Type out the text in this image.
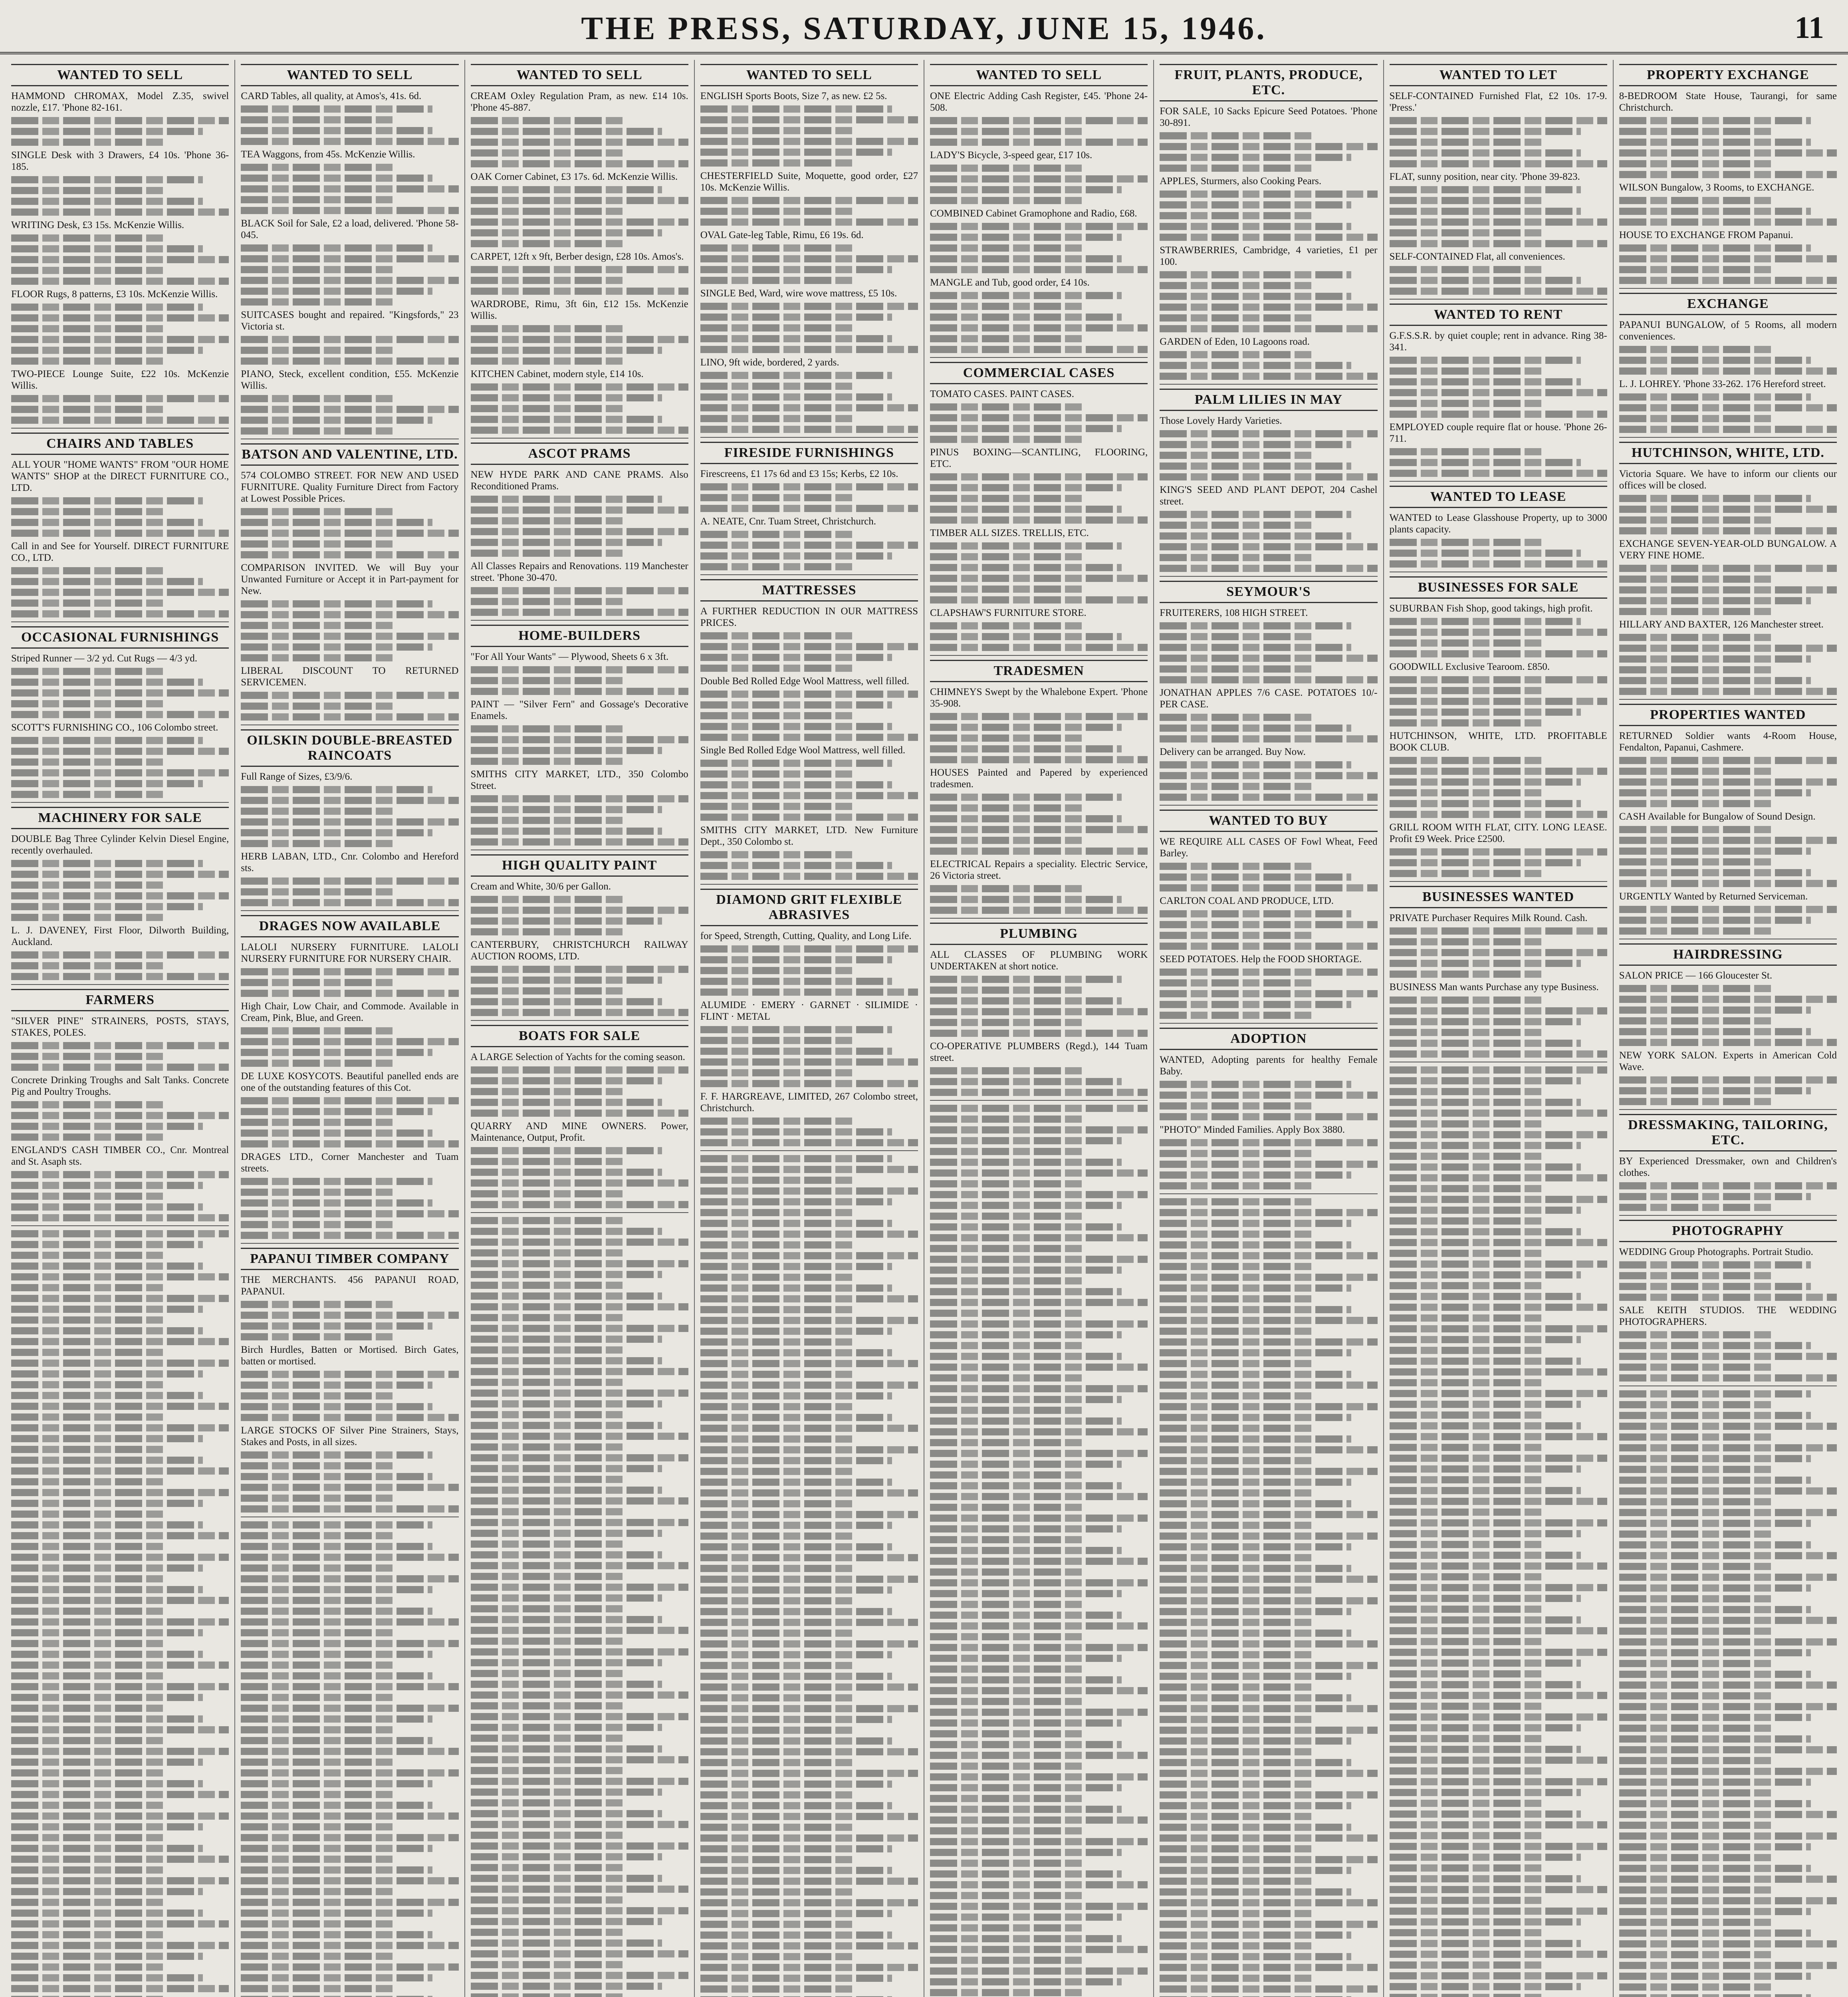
THE PRESS, SATURDAY, JUNE 15, 1946.	11
WANTED TO SELL

HAMMOND CHROMAX, Model Z.35, swivel nozzle, £17. 'Phone 82-161.

SINGLE Desk with 3 Drawers, £4 10s. 'Phone 36-185.

WRITING Desk, £3 15s. McKenzie Willis.

FLOOR Rugs, 8 patterns, £3 10s. McKenzie Willis.

TWO-PIECE Lounge Suite, £22 10s. McKenzie Willis.

CHAIRS AND TABLES

ALL YOUR "HOME WANTS" FROM "OUR HOME WANTS" SHOP at the DIRECT FURNITURE CO., LTD.

Call in and See for Yourself. DIRECT FURNITURE CO., LTD.

OCCASIONAL FURNISHINGS

Striped Runner — 3/2 yd. Cut Rugs — 4/3 yd.

SCOTT'S FURNISHING CO., 106 Colombo street.

MACHINERY FOR SALE

DOUBLE Bag Three Cylinder Kelvin Diesel Engine, recently overhauled.

L. J. DAVENEY, First Floor, Dilworth Building, Auckland.

FARMERS

"SILVER PINE" STRAINERS, POSTS, STAYS, STAKES, POLES.

Concrete Drinking Troughs and Salt Tanks. Concrete Pig and Poultry Troughs.

ENGLAND'S CASH TIMBER CO., Cnr. Montreal and St. Asaph sts.

WANTED TO SELL

CARD Tables, all quality, at Amos's, 41s. 6d.

TEA Waggons, from 45s. McKenzie Willis.

BLACK Soil for Sale, £2 a load, delivered. 'Phone 58-045.

SUITCASES bought and repaired. "Kingsfords," 23 Victoria st.

PIANO, Steck, excellent condition, £55. McKenzie Willis.

BATSON AND VALENTINE, LTD.

574 COLOMBO STREET. FOR NEW AND USED FURNITURE. Quality Furniture Direct from Factory at Lowest Possible Prices.

COMPARISON INVITED. We will Buy your Unwanted Furniture or Accept it in Part-payment for New.

LIBERAL DISCOUNT TO RETURNED SERVICEMEN.

OILSKIN DOUBLE-BREASTED RAINCOATS

Full Range of Sizes, £3/9/6.

HERB LABAN, LTD., Cnr. Colombo and Hereford sts.

DRAGES NOW AVAILABLE

LALOLI NURSERY FURNITURE. LALOLI NURSERY FURNITURE FOR NURSERY CHAIR.

High Chair, Low Chair, and Commode. Available in Cream, Pink, Blue, and Green.

DE LUXE KOSYCOTS. Beautiful panelled ends are one of the outstanding features of this Cot.

DRAGES LTD., Corner Manchester and Tuam streets.

PAPANUI TIMBER COMPANY

THE MERCHANTS. 456 PAPANUI ROAD, PAPANUI.

Birch Hurdles, Batten or Mortised. Birch Gates, batten or mortised.

LARGE STOCKS OF Silver Pine Strainers, Stays, Stakes and Posts, in all sizes.

WANTED TO SELL

CREAM Oxley Regulation Pram, as new. £14 10s. 'Phone 45-887.

OAK Corner Cabinet, £3 17s. 6d. McKenzie Willis.

CARPET, 12ft x 9ft, Berber design, £28 10s. Amos's.

WARDROBE, Rimu, 3ft 6in, £12 15s. McKenzie Willis.

KITCHEN Cabinet, modern style, £14 10s.

ASCOT PRAMS

NEW HYDE PARK AND CANE PRAMS. Also Reconditioned Prams.

All Classes Repairs and Renovations. 119 Manchester street. 'Phone 30-470.

HOME-BUILDERS

"For All Your Wants" — Plywood, Sheets 6 x 3ft.

PAINT — "Silver Fern" and Gossage's Decorative Enamels.

SMITHS CITY MARKET, LTD., 350 Colombo Street.

HIGH QUALITY PAINT

Cream and White, 30/6 per Gallon.

CANTERBURY, CHRISTCHURCH RAILWAY AUCTION ROOMS, LTD.

BOATS FOR SALE

A LARGE Selection of Yachts for the coming season.

QUARRY AND MINE OWNERS. Power, Maintenance, Output, Profit.

WANTED TO SELL

ENGLISH Sports Boots, Size 7, as new. £2 5s.

CHESTERFIELD Suite, Moquette, good order, £27 10s. McKenzie Willis.

OVAL Gate-leg Table, Rimu, £6 19s. 6d.

SINGLE Bed, Ward, wire wove mattress, £5 10s.

LINO, 9ft wide, bordered, 2 yards.

FIRESIDE FURNISHINGS

Firescreens, £1 17s 6d and £3 15s; Kerbs, £2 10s.

A. NEATE, Cnr. Tuam Street, Christchurch.

MATTRESSES

A FURTHER REDUCTION IN OUR MATTRESS PRICES.

Double Bed Rolled Edge Wool Mattress, well filled.

Single Bed Rolled Edge Wool Mattress, well filled.

SMITHS CITY MARKET, LTD. New Furniture Dept., 350 Colombo st.

DIAMOND GRIT FLEXIBLE ABRASIVES

for Speed, Strength, Cutting, Quality, and Long Life.

ALUMIDE · EMERY · GARNET · SILIMIDE · FLINT · METAL

F. F. HARGREAVE, LIMITED, 267 Colombo street, Christchurch.

WANTED TO SELL

ONE Electric Adding Cash Register, £45. 'Phone 24-508.

LADY'S Bicycle, 3-speed gear, £17 10s.

COMBINED Cabinet Gramophone and Radio, £68.

MANGLE and Tub, good order, £4 10s.

COMMERCIAL CASES

TOMATO CASES. PAINT CASES.

PINUS BOXING—SCANTLING, FLOORING, ETC.

TIMBER ALL SIZES. TRELLIS, ETC.

CLAPSHAW'S FURNITURE STORE.

TRADESMEN

CHIMNEYS Swept by the Whalebone Expert. 'Phone 35-908.

HOUSES Painted and Papered by experienced tradesmen.

ELECTRICAL Repairs a speciality. Electric Service, 26 Victoria street.

PLUMBING

ALL CLASSES OF PLUMBING WORK UNDERTAKEN at short notice.

CO-OPERATIVE PLUMBERS (Regd.), 144 Tuam street.

FRUIT, PLANTS, PRODUCE, ETC.

FOR SALE, 10 Sacks Epicure Seed Potatoes. 'Phone 30-891.

APPLES, Sturmers, also Cooking Pears.

STRAWBERRIES, Cambridge, 4 varieties, £1 per 100.

GARDEN of Eden, 10 Lagoons road.

PALM LILIES IN MAY

Those Lovely Hardy Varieties.

KING'S SEED AND PLANT DEPOT, 204 Cashel street.

SEYMOUR'S

FRUITERERS, 108 HIGH STREET.

JONATHAN APPLES 7/6 CASE. POTATOES 10/- PER CASE.

Delivery can be arranged. Buy Now.

WANTED TO BUY

WE REQUIRE ALL CASES OF Fowl Wheat, Feed Barley.

CARLTON COAL AND PRODUCE, LTD.

SEED POTATOES. Help the FOOD SHORTAGE.

ADOPTION

WANTED, Adopting parents for healthy Female Baby.

"PHOTO" Minded Families. Apply Box 3880.

WANTED TO LET

SELF-CONTAINED Furnished Flat, £2 10s. 17-9. 'Press.'

FLAT, sunny position, near city. 'Phone 39-823.

SELF-CONTAINED Flat, all conveniences.

WANTED TO RENT

G.F.S.S.R. by quiet couple; rent in advance. Ring 38-341.

EMPLOYED couple require flat or house. 'Phone 26-711.

WANTED TO LEASE

WANTED to Lease Glasshouse Property, up to 3000 plants capacity.

BUSINESSES FOR SALE

SUBURBAN Fish Shop, good takings, high profit.

GOODWILL Exclusive Tearoom. £850.

HUTCHINSON, WHITE, LTD. PROFITABLE BOOK CLUB.

GRILL ROOM WITH FLAT, CITY. LONG LEASE. Profit £9 Week. Price £2500.

BUSINESSES WANTED

PRIVATE Purchaser Requires Milk Round. Cash.

BUSINESS Man wants Purchase any type Business.

PROPERTY EXCHANGE

8-BEDROOM State House, Taurangi, for same Christchurch.

WILSON Bungalow, 3 Rooms, to EXCHANGE.

HOUSE TO EXCHANGE FROM Papanui.

EXCHANGE

PAPANUI BUNGALOW, of 5 Rooms, all modern conveniences.

L. J. LOHREY. 'Phone 33-262. 176 Hereford street.

HUTCHINSON, WHITE, LTD.

Victoria Square. We have to inform our clients our offices will be closed.

EXCHANGE SEVEN-YEAR-OLD BUNGALOW. A VERY FINE HOME.

HILLARY AND BAXTER, 126 Manchester street.

PROPERTIES WANTED

RETURNED Soldier wants 4-Room House, Fendalton, Papanui, Cashmere.

CASH Available for Bungalow of Sound Design.

URGENTLY Wanted by Returned Serviceman.

HAIRDRESSING

SALON PRICE — 166 Gloucester St.

NEW YORK SALON. Experts in American Cold Wave.

DRESSMAKING, TAILORING, ETC.

BY Experienced Dressmaker, own and Children's clothes.

PHOTOGRAPHY

WEDDING Group Photographs. Portrait Studio.

SALE KEITH STUDIOS. THE WEDDING PHOTOGRAPHERS.
